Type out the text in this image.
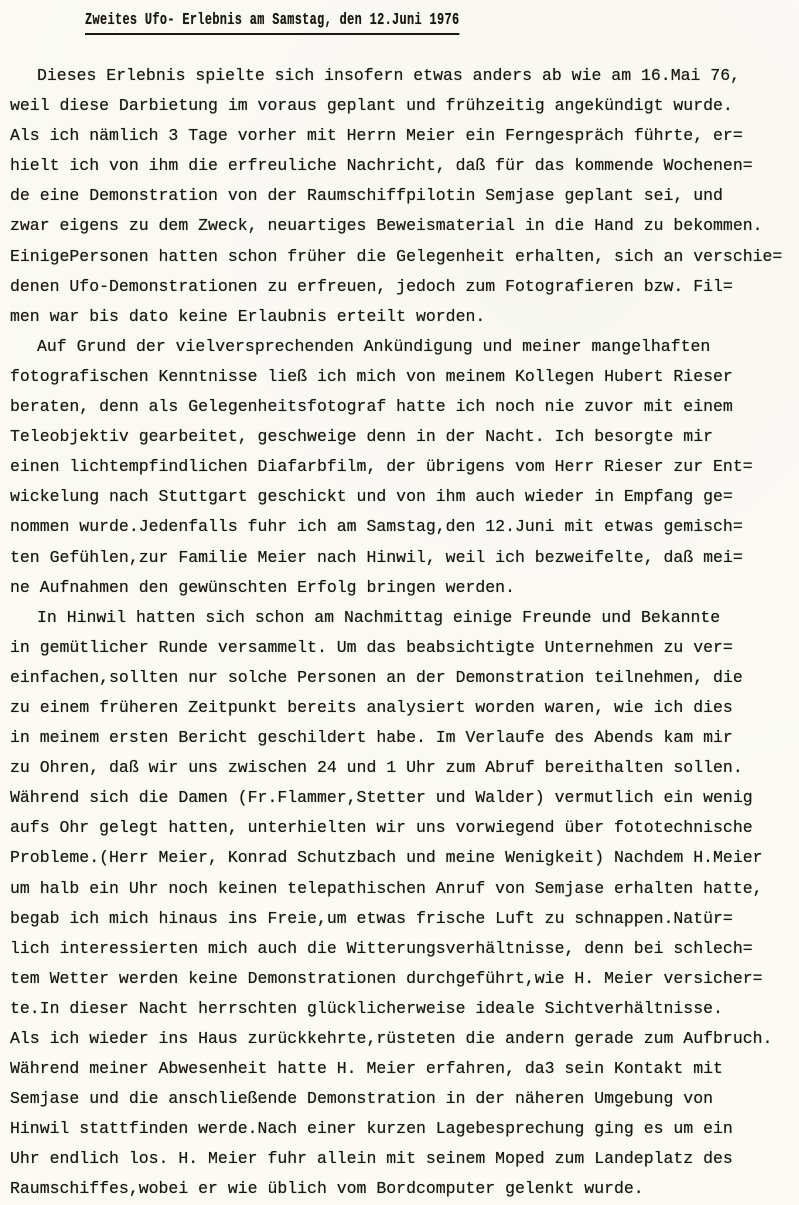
Zweites Ufo- Erlebnis am Samstag, den 12.Juni 1976
Dieses Erlebnis spielte sich insofern etwas anders ab wie am 16.Mai 76,
weil diese Darbietung im voraus geplant und frühzeitig angekündigt wurde.
Als ich nämlich 3 Tage vorher mit Herrn Meier ein Ferngespräch führte, er=
hielt ich von ihm die erfreuliche Nachricht, daß für das kommende Wochenen=
de eine Demonstration von der Raumschiffpilotin Semjase geplant sei, und
zwar eigens zu dem Zweck, neuartiges Beweismaterial in die Hand zu bekommen.
EinigePersonen hatten schon früher die Gelegenheit erhalten, sich an verschie=
denen Ufo-Demonstrationen zu erfreuen, jedoch zum Fotografieren bzw. Fil=
men war bis dato keine Erlaubnis erteilt worden.
Auf Grund der vielversprechenden Ankündigung und meiner mangelhaften
fotografischen Kenntnisse ließ ich mich von meinem Kollegen Hubert Rieser
beraten, denn als Gelegenheitsfotograf hatte ich noch nie zuvor mit einem
Teleobjektiv gearbeitet, geschweige denn in der Nacht. Ich besorgte mir
einen lichtempfindlichen Diafarbfilm, der übrigens vom Herr Rieser zur Ent=
wickelung nach Stuttgart geschickt und von ihm auch wieder in Empfang ge=
nommen wurde.Jedenfalls fuhr ich am Samstag,den 12.Juni mit etwas gemisch=
ten Gefühlen,zur Familie Meier nach Hinwil, weil ich bezweifelte, daß mei=
ne Aufnahmen den gewünschten Erfolg bringen werden.
In Hinwil hatten sich schon am Nachmittag einige Freunde und Bekannte
in gemütlicher Runde versammelt. Um das beabsichtigte Unternehmen zu ver=
einfachen,sollten nur solche Personen an der Demonstration teilnehmen, die
zu einem früheren Zeitpunkt bereits analysiert worden waren, wie ich dies
in meinem ersten Bericht geschildert habe. Im Verlaufe des Abends kam mir
zu Ohren, daß wir uns zwischen 24 und 1 Uhr zum Abruf bereithalten sollen.
Während sich die Damen (Fr.Flammer,Stetter und Walder) vermutlich ein wenig
aufs Ohr gelegt hatten, unterhielten wir uns vorwiegend über fototechnische
Probleme.(Herr Meier, Konrad Schutzbach und meine Wenigkeit) Nachdem H.Meier
um halb ein Uhr noch keinen telepathischen Anruf von Semjase erhalten hatte,
begab ich mich hinaus ins Freie,um etwas frische Luft zu schnappen.Natür=
lich interessierten mich auch die Witterungsverhältnisse, denn bei schlech=
tem Wetter werden keine Demonstrationen durchgeführt,wie H. Meier versicher=
te.In dieser Nacht herrschten glücklicherweise ideale Sichtverhältnisse.
Als ich wieder ins Haus zurückkehrte,rüsteten die andern gerade zum Aufbruch.
Während meiner Abwesenheit hatte H. Meier erfahren, da3 sein Kontakt mit
Semjase und die anschließende Demonstration in der näheren Umgebung von
Hinwil stattfinden werde.Nach einer kurzen Lagebesprechung ging es um ein
Uhr endlich los. H. Meier fuhr allein mit seinem Moped zum Landeplatz des
Raumschiffes,wobei er wie üblich vom Bordcomputer gelenkt wurde.
